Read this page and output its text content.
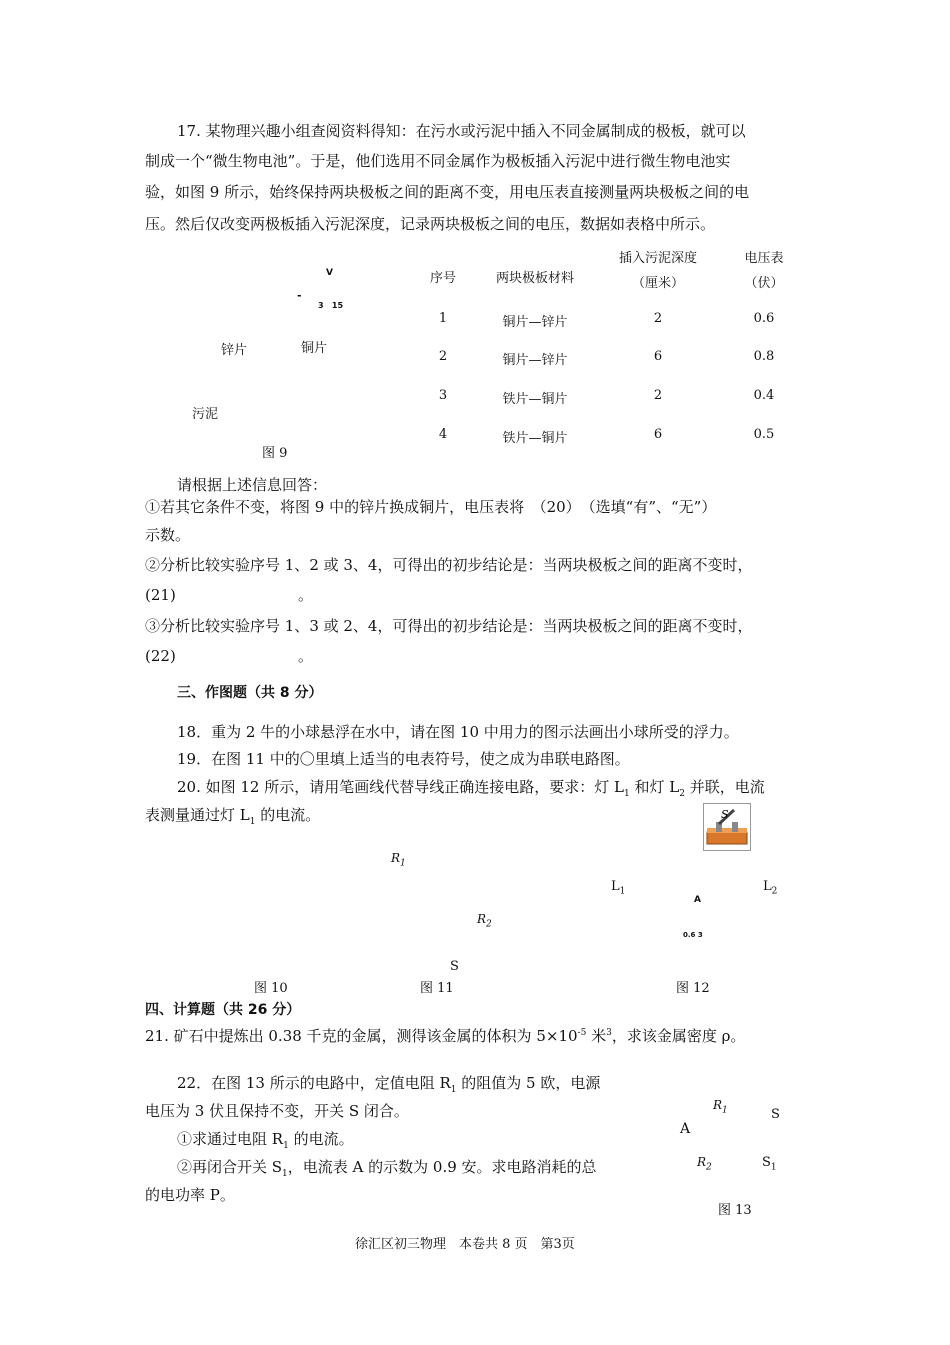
17. 某物理兴趣小组查阅资料得知：在污水或污泥中插入不同金属制成的极板，就可以
制成一个“微生物电池”。于是，他们选用不同金属作为极板插入污泥中进行微生物电池实
验，如图 9 所示，始终保持两块极板之间的距离不变，用电压表直接测量两块极板之间的电
压。然后仅改变两极板插入污泥深度，记录两块极板之间的电压，数据如表格中所示。
V
-
3   15
锌片	铜片
污泥
图 9
序号	两块极板材料
插入污泥深度
（厘米）
电压表
（伏）
1	铜片—锌片	2	0.6
2	铜片—锌片	6	0.8
3	铁片—铜片	2	0.4
4	铁片—铜片	6	0.5
请根据上述信息回答：
①若其它条件不变，将图 9 中的锌片换成铜片，电压表将　（20）　（选填“有”、“无”）
示数。
②分析比较实验序号 1、2 或 3、4，可得出的初步结论是：当两块极板之间的距离不变时，
(21)	。
③分析比较实验序号 1、3 或 2、4，可得出的初步结论是：当两块极板之间的距离不变时，
(22)	。
三、作图题（共 8 分）
18．重为 2 牛的小球悬浮在水中，请在图 10 中用力的图示法画出小球所受的浮力。
19．在图 11 中的〇里填上适当的电表符号，使之成为串联电路图。
20. 如图 12 所示，请用笔画线代替导线正确连接电路，要求：灯 $L_1$ 和灯 $L_2$ 并联，电流
表测量通过灯 $L_1$ 的电流。	S
$R_1$
$R_2$
S
$L_1$	$L_2$
A
0.6 3
图 10	图 11	图 12
四、计算题（共 26 分）
21. 矿石中提炼出 0.38 千克的金属，测得该金属的体积为 $5\times 10^{-5}$ 米$^3$，求该金属密度 ρ。
22．在图 13 所示的电路中，定值电阻 $R_1$ 的阻值为 5 欧，电源
电压为 3 伏且保持不变，开关 S 闭合。
①求通过电阻 $R_1$ 的电流。
②再闭合开关 $S_1$，电流表 A 的示数为 0.9 安。求电路消耗的总
的电功率 P。
$R_1$	S
A
$R_2$	$S_1$
图 13
徐汇区初三物理　本卷共 8 页　第3页
